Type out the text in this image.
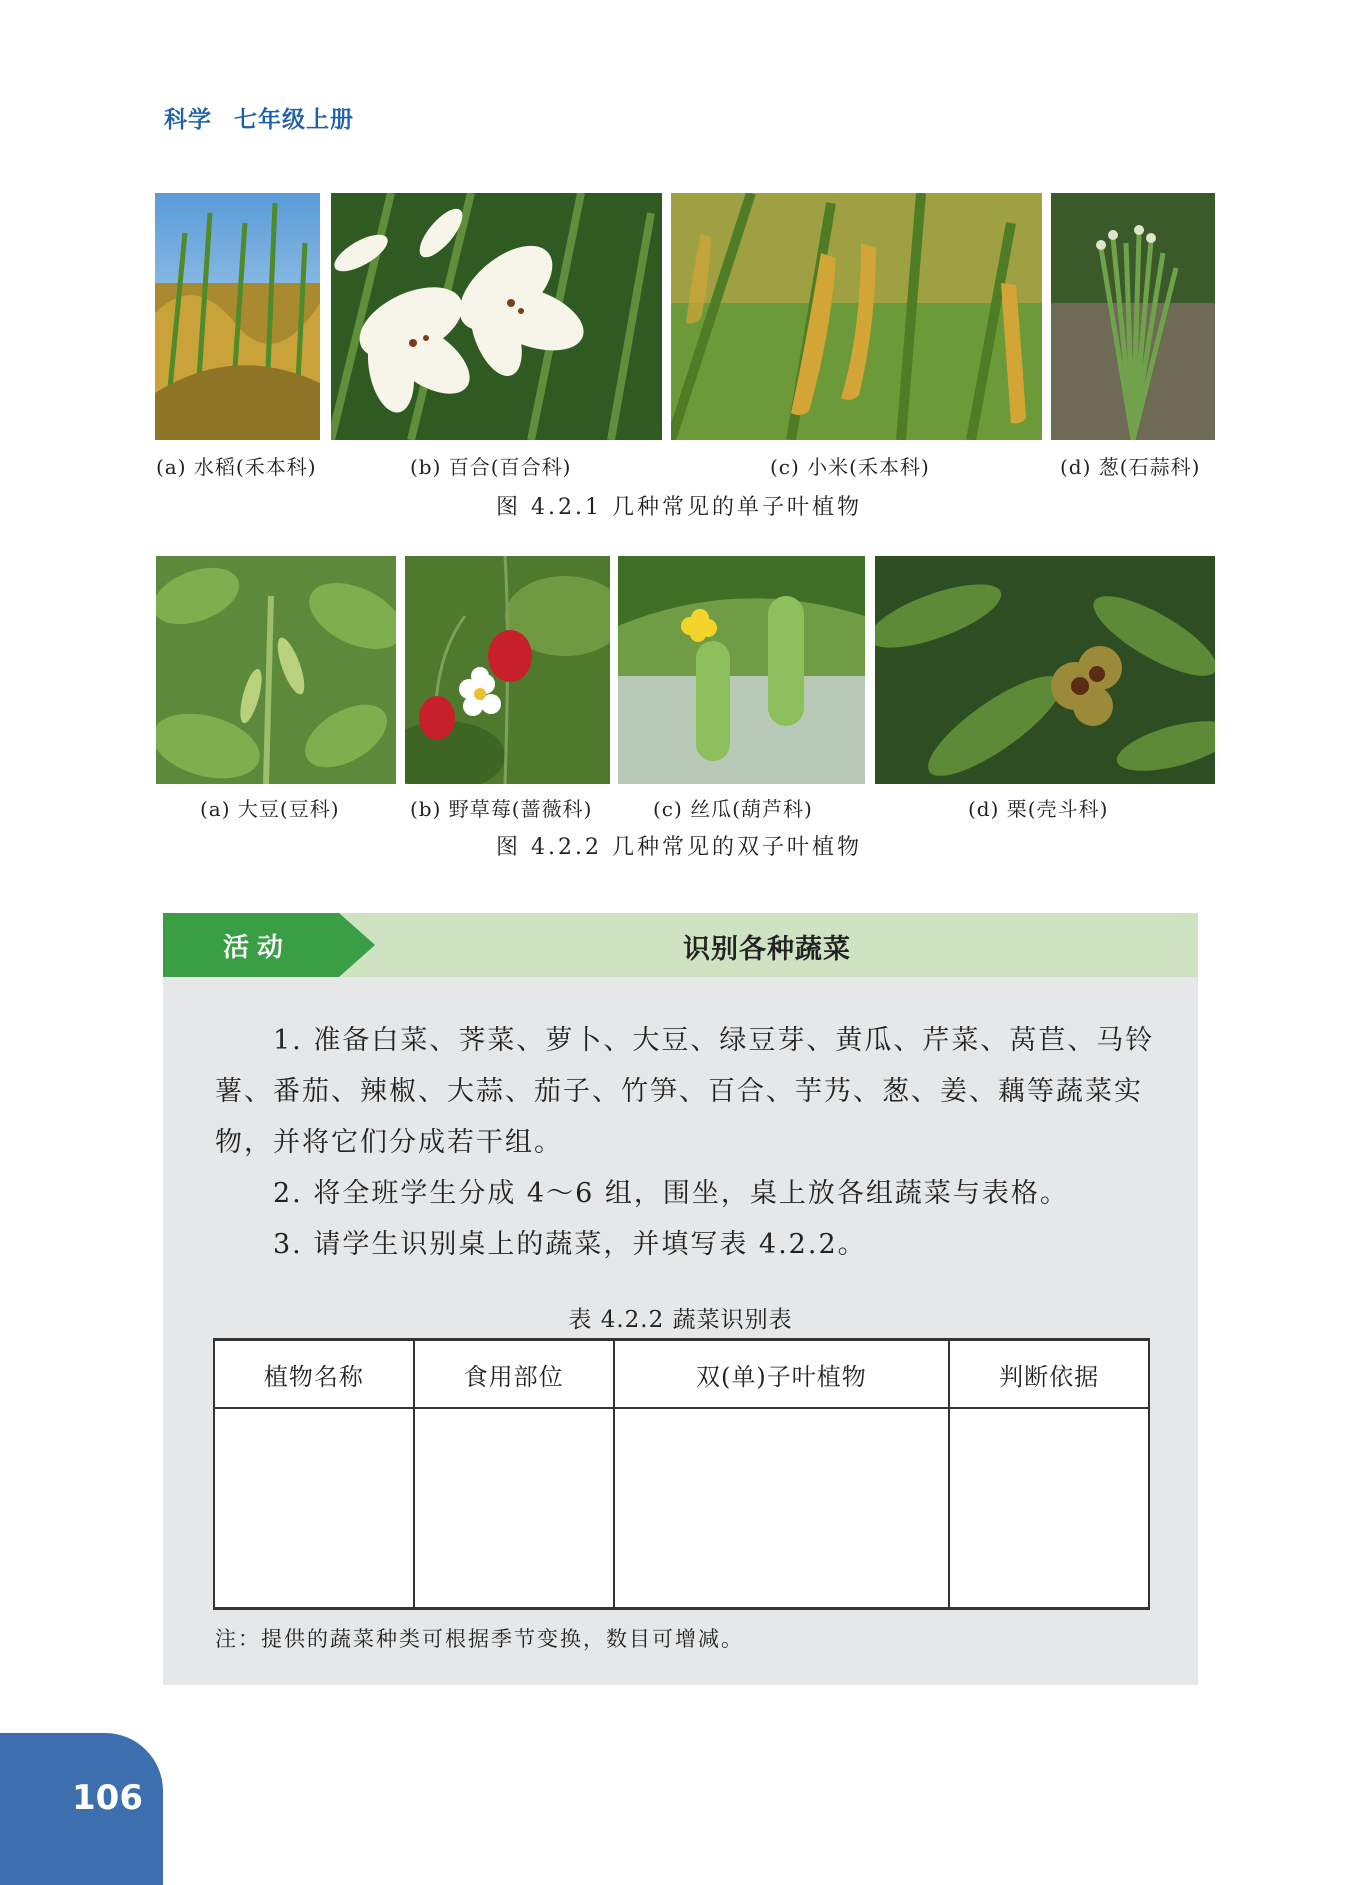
科学 七年级上册
(a) 水稻(禾本科)	(b) 百合(百合科)	(c) 小米(禾本科)	(d) 葱(石蒜科)
图 4.2.1 几种常见的单子叶植物
(a) 大豆(豆科)	(b) 野草莓(蔷薇科)	(c) 丝瓜(葫芦科)	(d) 栗(壳斗科)
图 4.2.2 几种常见的双子叶植物
活动	识别各种蔬菜
1. 准备白菜、荠菜、萝卜、大豆、绿豆芽、黄瓜、芹菜、莴苣、马铃薯、番茄、辣椒、大蒜、茄子、竹笋、百合、芋艿、葱、姜、藕等蔬菜实物，并将它们分成若干组。
2. 将全班学生分成 4～6 组，围坐，桌上放各组蔬菜与表格。
3. 请学生识别桌上的蔬菜，并填写表 4.2.2。
表 4.2.2 蔬菜识别表
植物名称	食用部位	双(单)子叶植物	判断依据

注：提供的蔬菜种类可根据季节变换，数目可增减。
106
